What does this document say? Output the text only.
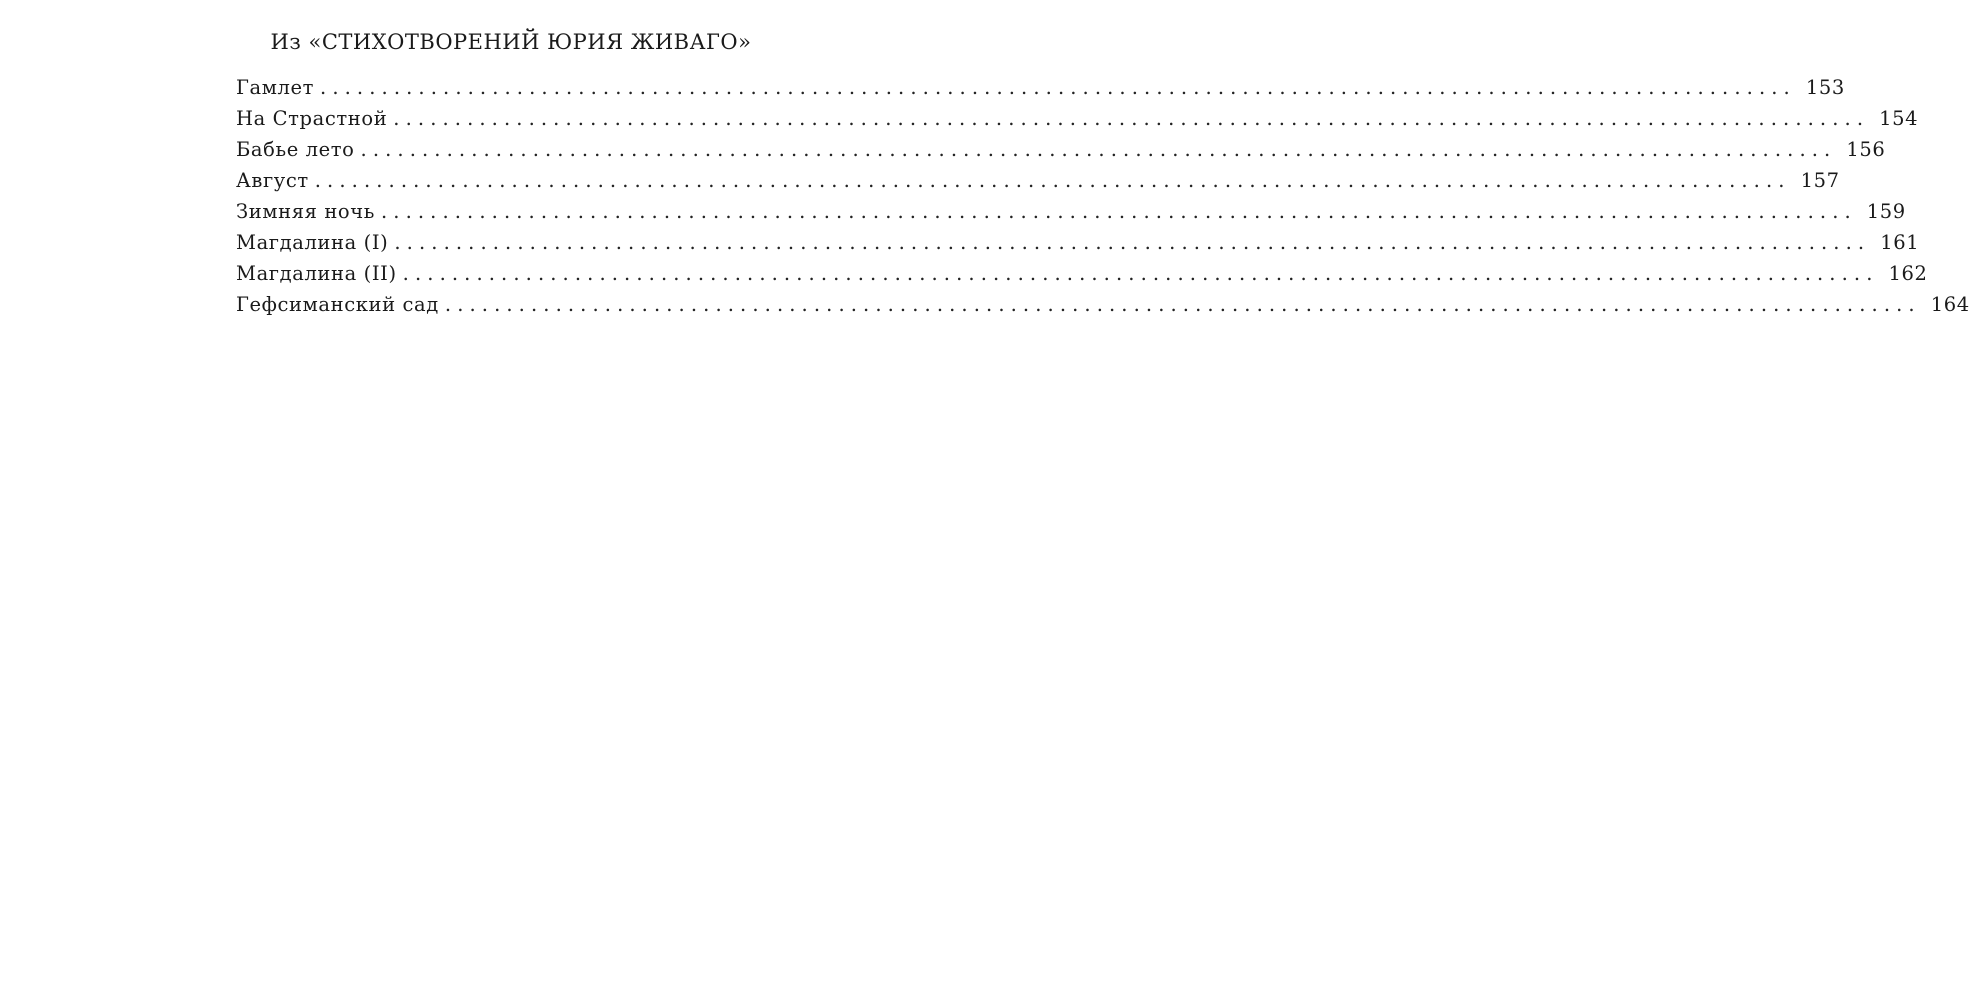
Из «СТИХОТВОРЕНИЙ ЮРИЯ ЖИВАГО»
Гамлет ........................................................................................................................ 153
На Страстной ........................................................................................................................ 154
Бабье лето ........................................................................................................................ 156
Август ........................................................................................................................ 157
Зимняя ночь ........................................................................................................................ 159
Магдалина (I) ........................................................................................................................ 161
Магдалина (II) ........................................................................................................................ 162
Гефсиманский сад ........................................................................................................................ 164
